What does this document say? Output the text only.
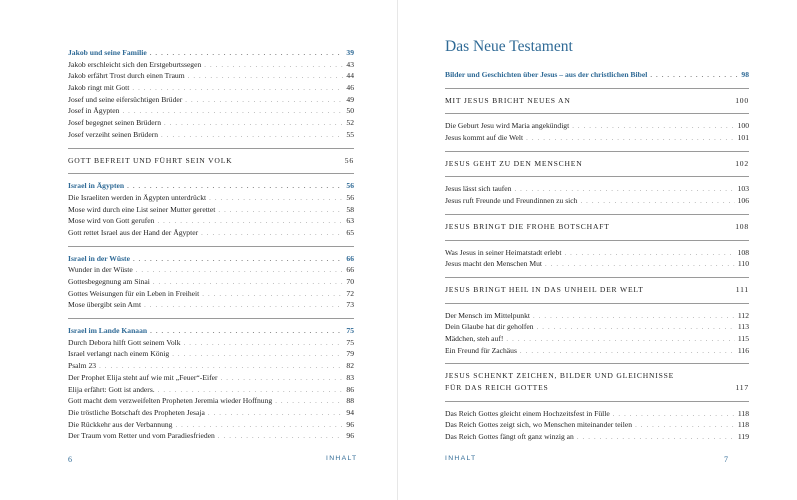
Jakob und seine Familie . . .	39
Jakob erschleicht sich den Erstgeburtssegen . . .	43
Jakob erfährt Trost durch einen Traum . . .	44
Jakob ringt mit Gott . . .	46
Josef und seine eifersüchtigen Brüder . . .	49
Josef in Ägypten . . .	50
Josef begegnet seinen Brüdern . . .	52
Josef verzeiht seinen Brüdern . . .	55
GOTT BEFREIT UND FÜHRT SEIN VOLK	56
Israel in Ägypten . . .	56
Die Israeliten werden in Ägypten unterdrückt . . .	56
Mose wird durch eine List seiner Mutter gerettet . . .	58
Mose wird von Gott gerufen . . .	63
Gott rettet Israel aus der Hand der Ägypter . . .	65
Israel in der Wüste . . .	66
Wunder in der Wüste . . .	66
Gottesbegegnung am Sinai . . .	70
Gottes Weisungen für ein Leben in Freiheit . . .	72
Mose übergibt sein Amt . . .	73
Israel im Lande Kanaan . . .	75
Durch Debora hilft Gott seinem Volk . . .	75
Israel verlangt nach einem König . . .	79
Psalm 23 . . .	82
Der Prophet Elija steht auf wie mit „Feuer“-Eifer . . .	83
Elija erfährt: Gott ist anders. . . .	86
Gott macht dem verzweifelten Propheten Jeremia wieder Hoffnung . . .	88
Die tröstliche Botschaft des Propheten Jesaja . . .	94
Die Rückkehr aus der Verbannung . . .	96
Der Traum vom Retter und vom Paradiesfrieden . . .	96
6	INHALT
Das Neue Testament
Bilder und Geschichten über Jesus – aus der christlichen Bibel . . .	98
MIT JESUS BRICHT NEUES AN	100
Die Geburt Jesu wird Maria angekündigt . . .	100
Jesus kommt auf die Welt . . .	101
JESUS GEHT ZU DEN MENSCHEN	102
Jesus lässt sich taufen . . .	103
Jesus ruft Freunde und Freundinnen zu sich . . .	106
JESUS BRINGT DIE FROHE BOTSCHAFT	108
Was Jesus in seiner Heimatstadt erlebt . . .	108
Jesus macht den Menschen Mut . . .	110
JESUS BRINGT HEIL IN DAS UNHEIL DER WELT	111
Der Mensch im Mittelpunkt . . .	112
Dein Glaube hat dir geholfen . . .	113
Mädchen, steh auf! . . .	115
Ein Freund für Zachäus . . .	116
JESUS SCHENKT ZEICHEN, BILDER UND GLEICHNISSE
FÜR DAS REICH GOTTES	117
Das Reich Gottes gleicht einem Hochzeitsfest in Fülle . . .	118
Das Reich Gottes zeigt sich, wo Menschen miteinander teilen . . .	118
Das Reich Gottes fängt oft ganz winzig an . . .	119
INHALT	7
